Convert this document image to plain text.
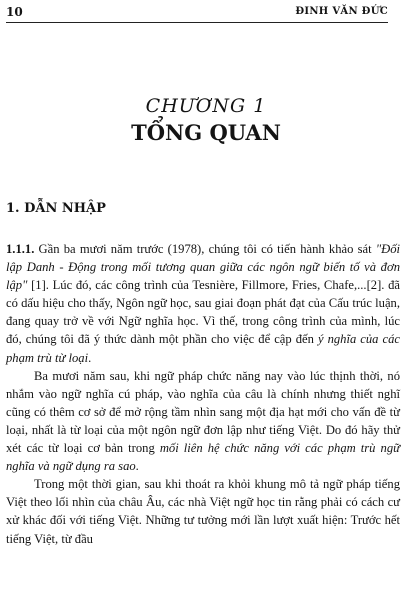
10	ĐINH VĂN ĐỨC
CHƯƠNG 1
TỔNG QUAN
1. DẪN NHẬP

1.1.1. Gần ba mươi năm trước (1978), chúng tôi có tiến hành khảo sát "Đối lập Danh - Động trong mối tương quan giữa các ngôn ngữ biến tố và đơn lập" [1]. Lúc đó, các công trình của Tesnière, Fillmore, Fries, Chafe,...[2]. đã có dấu hiệu cho thấy, Ngôn ngữ học, sau giai đoạn phát đạt của Cấu trúc luận, đang quay trở về với Ngữ nghĩa học. Vì thế, trong công trình của mình, lúc đó, chúng tôi đã ý thức dành một phần cho việc để cập đến ý nghĩa của các phạm trù từ loại.

Ba mươi năm sau, khi ngữ pháp chức năng nay vào lúc thịnh thời, nó nhắm vào ngữ nghĩa cú pháp, vào nghĩa của câu là chính nhưng thiết nghĩ cũng có thêm cơ sở để mở rộng tầm nhìn sang một địa hạt mới cho vấn đề từ loại, nhất là từ loại của một ngôn ngữ đơn lập như tiếng Việt. Do đó hãy thử xét các từ loại cơ bản trong mối liên hệ chức năng với các phạm trù ngữ nghĩa và ngữ dụng ra sao.

Trong một thời gian, sau khi thoát ra khỏi khung mô tả ngữ pháp tiếng Việt theo lối nhìn của châu Âu, các nhà Việt ngữ học tin rằng phải có cách cư xử khác đối với tiếng Việt. Những tư tưởng mới lần lượt xuất hiện: Trước hết tiếng Việt, từ đầu
